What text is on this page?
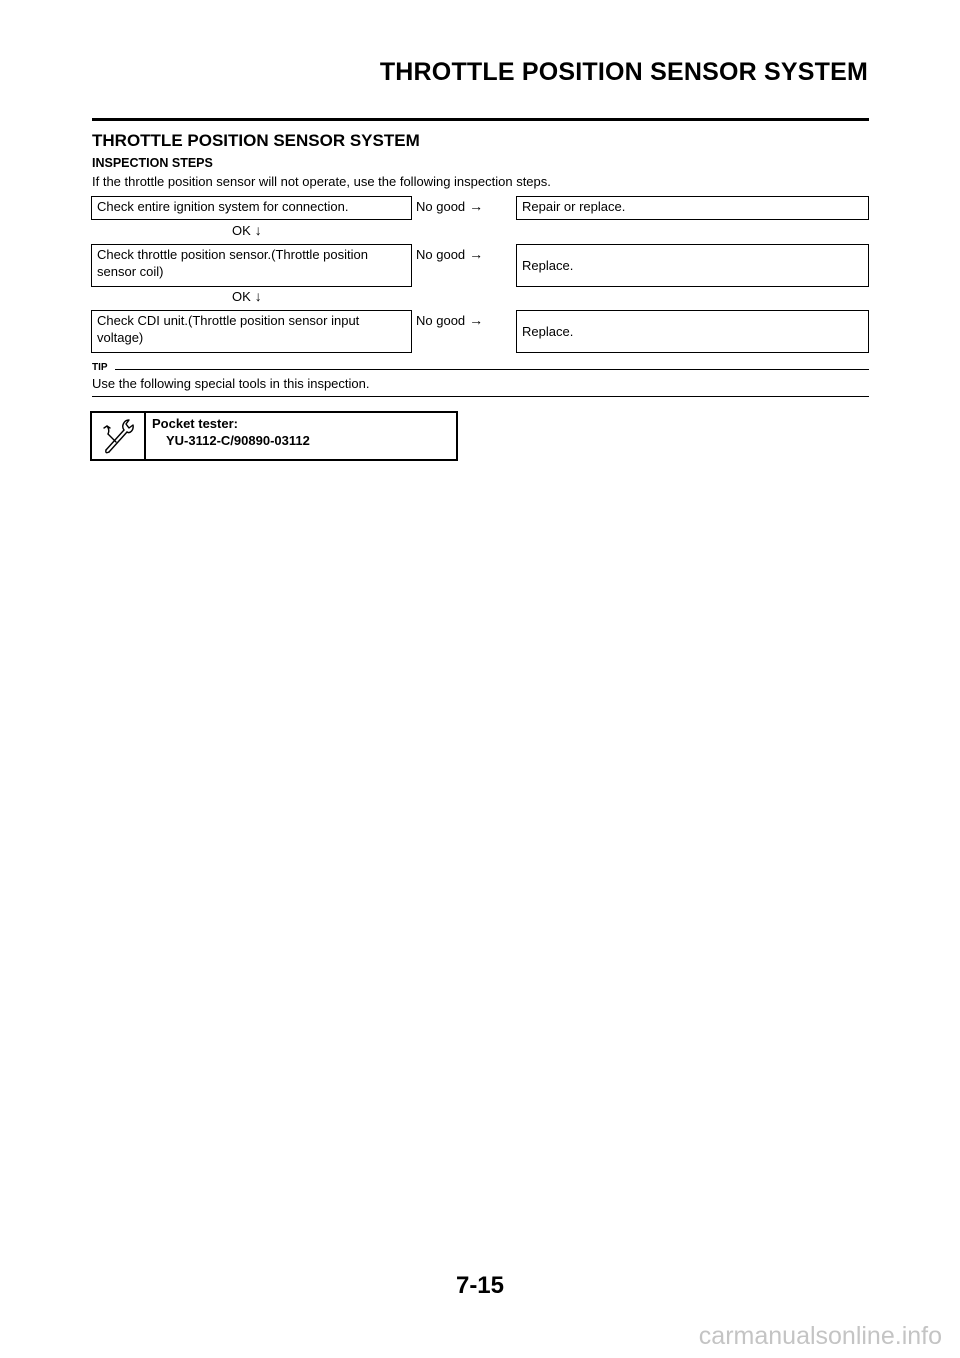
THROTTLE POSITION SENSOR SYSTEM
THROTTLE POSITION SENSOR SYSTEM
INSPECTION STEPS
If the throttle position sensor will not operate, use the following inspection steps.
Check entire ignition system for connection.	No good →	Repair or replace.
OK ↓
Check throttle position sensor.(Throttle position sensor coil)
No good →
Replace.
OK ↓
Check CDI unit.(Throttle position sensor input voltage)
No good →
Replace.
TIP
Use the following special tools in this inspection.
Pocket tester:
YU-3112-C/90890-03112
7-15
carmanualsonline.info
